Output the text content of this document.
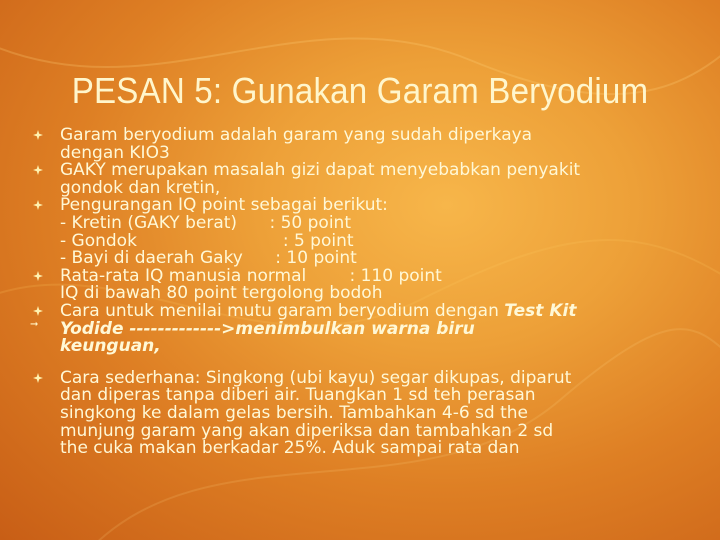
PESAN 5: Gunakan Garam Beryodium
Garam beryodium adalah garam yang sudah diperkaya
dengan KIO3
GAKY merupakan masalah gizi dapat menyebabkan penyakit
gondok dan kretin,
Pengurangan IQ point sebagai berikut:
- Kretin (GAKY berat)      : 50 point
- Gondok                           : 5 point
- Bayi di daerah Gaky      : 10 point
Rata-rata IQ manusia normal        : 110 point
IQ di bawah 80 point tergolong bodoh
➞
Cara untuk menilai mutu garam beryodium dengan Test Kit
Yodide ------------->menimbulkan warna biru
keunguan,
Cara sederhana: Singkong (ubi kayu) segar dikupas, diparut
dan diperas tanpa diberi air. Tuangkan 1 sd teh perasan
singkong ke dalam gelas bersih. Tambahkan 4-6 sd the
munjung garam yang akan diperiksa dan tambahkan 2 sd
the cuka makan berkadar 25%. Aduk sampai rata dan
